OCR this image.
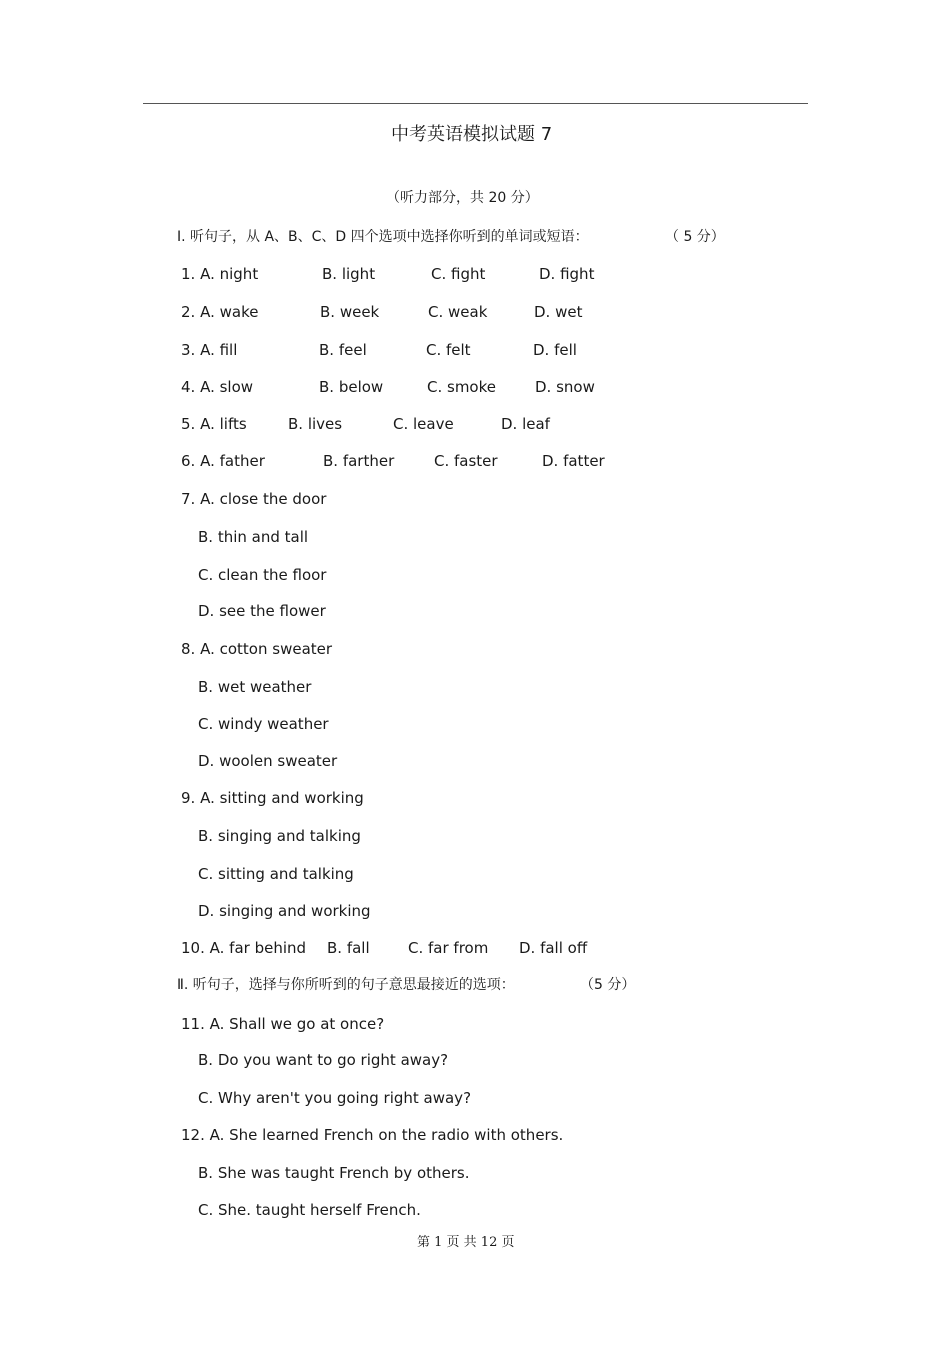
中考英语模拟试题 7
（听力部分，共 20 分）
Ⅰ. 听句子，从 A、B、C、D 四个选项中选择你听到的单词或短语：	（ 5 分）
1. A. night	B. light	C. fight	D. fight
2. A. wake	B. week	C. weak	D. wet
3. A. fill	B. feel	C. felt	D. fell
4. A. slow	B. below	C. smoke	D. snow
5. A. lifts	B. lives	C. leave	D. leaf
6. A. father	B. farther	C. faster	D. fatter
7. A. close the door
B. thin and tall
C. clean the floor
D. see the flower
8. A. cotton sweater
B. wet weather
C. windy weather
D. woolen sweater
9. A. sitting and working
B. singing and talking
C. sitting and talking
D. singing and working
10. A. far behind B. fall	C. far from D. fall off
Ⅱ. 听句子，选择与你所听到的句子意思最接近的选项：	（5 分）
11. A. Shall we go at once?
B. Do you want to go right away?
C. Why aren't you going right away?
12. A. She learned French on the radio with others.
B. She was taught French by others.
C. She. taught herself French.
第 1 页 共 12 页
